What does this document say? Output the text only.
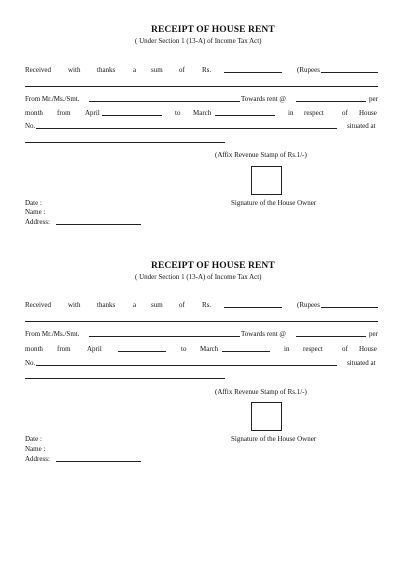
RECEIPT OF HOUSE RENT
( Under Section 1 (13-A) of Income Tax Act)
Received with thanks	a sum of Rs.	(Rupees
From Mr./Ms./Smt.	Towards rent @	per
month from April	to March	in respect	of House
No.	situated at
(Affix Revenue Stamp of Rs.1/-)
Date :	Signature of the House Owner
Name :
Address:
RECEIPT OF HOUSE RENT
( Under Section 1 (13-A) of Income Tax Act)
Received with thanks	a sum of Rs.	(Rupees
From Mr./Ms./Smt.	Towards rent @	per
month from April	to March	in respect	of House
No.	situated at
(Affix Revenue Stamp of Rs.1/-)
Date :	Signature of the House Owner
Name :
Address:
